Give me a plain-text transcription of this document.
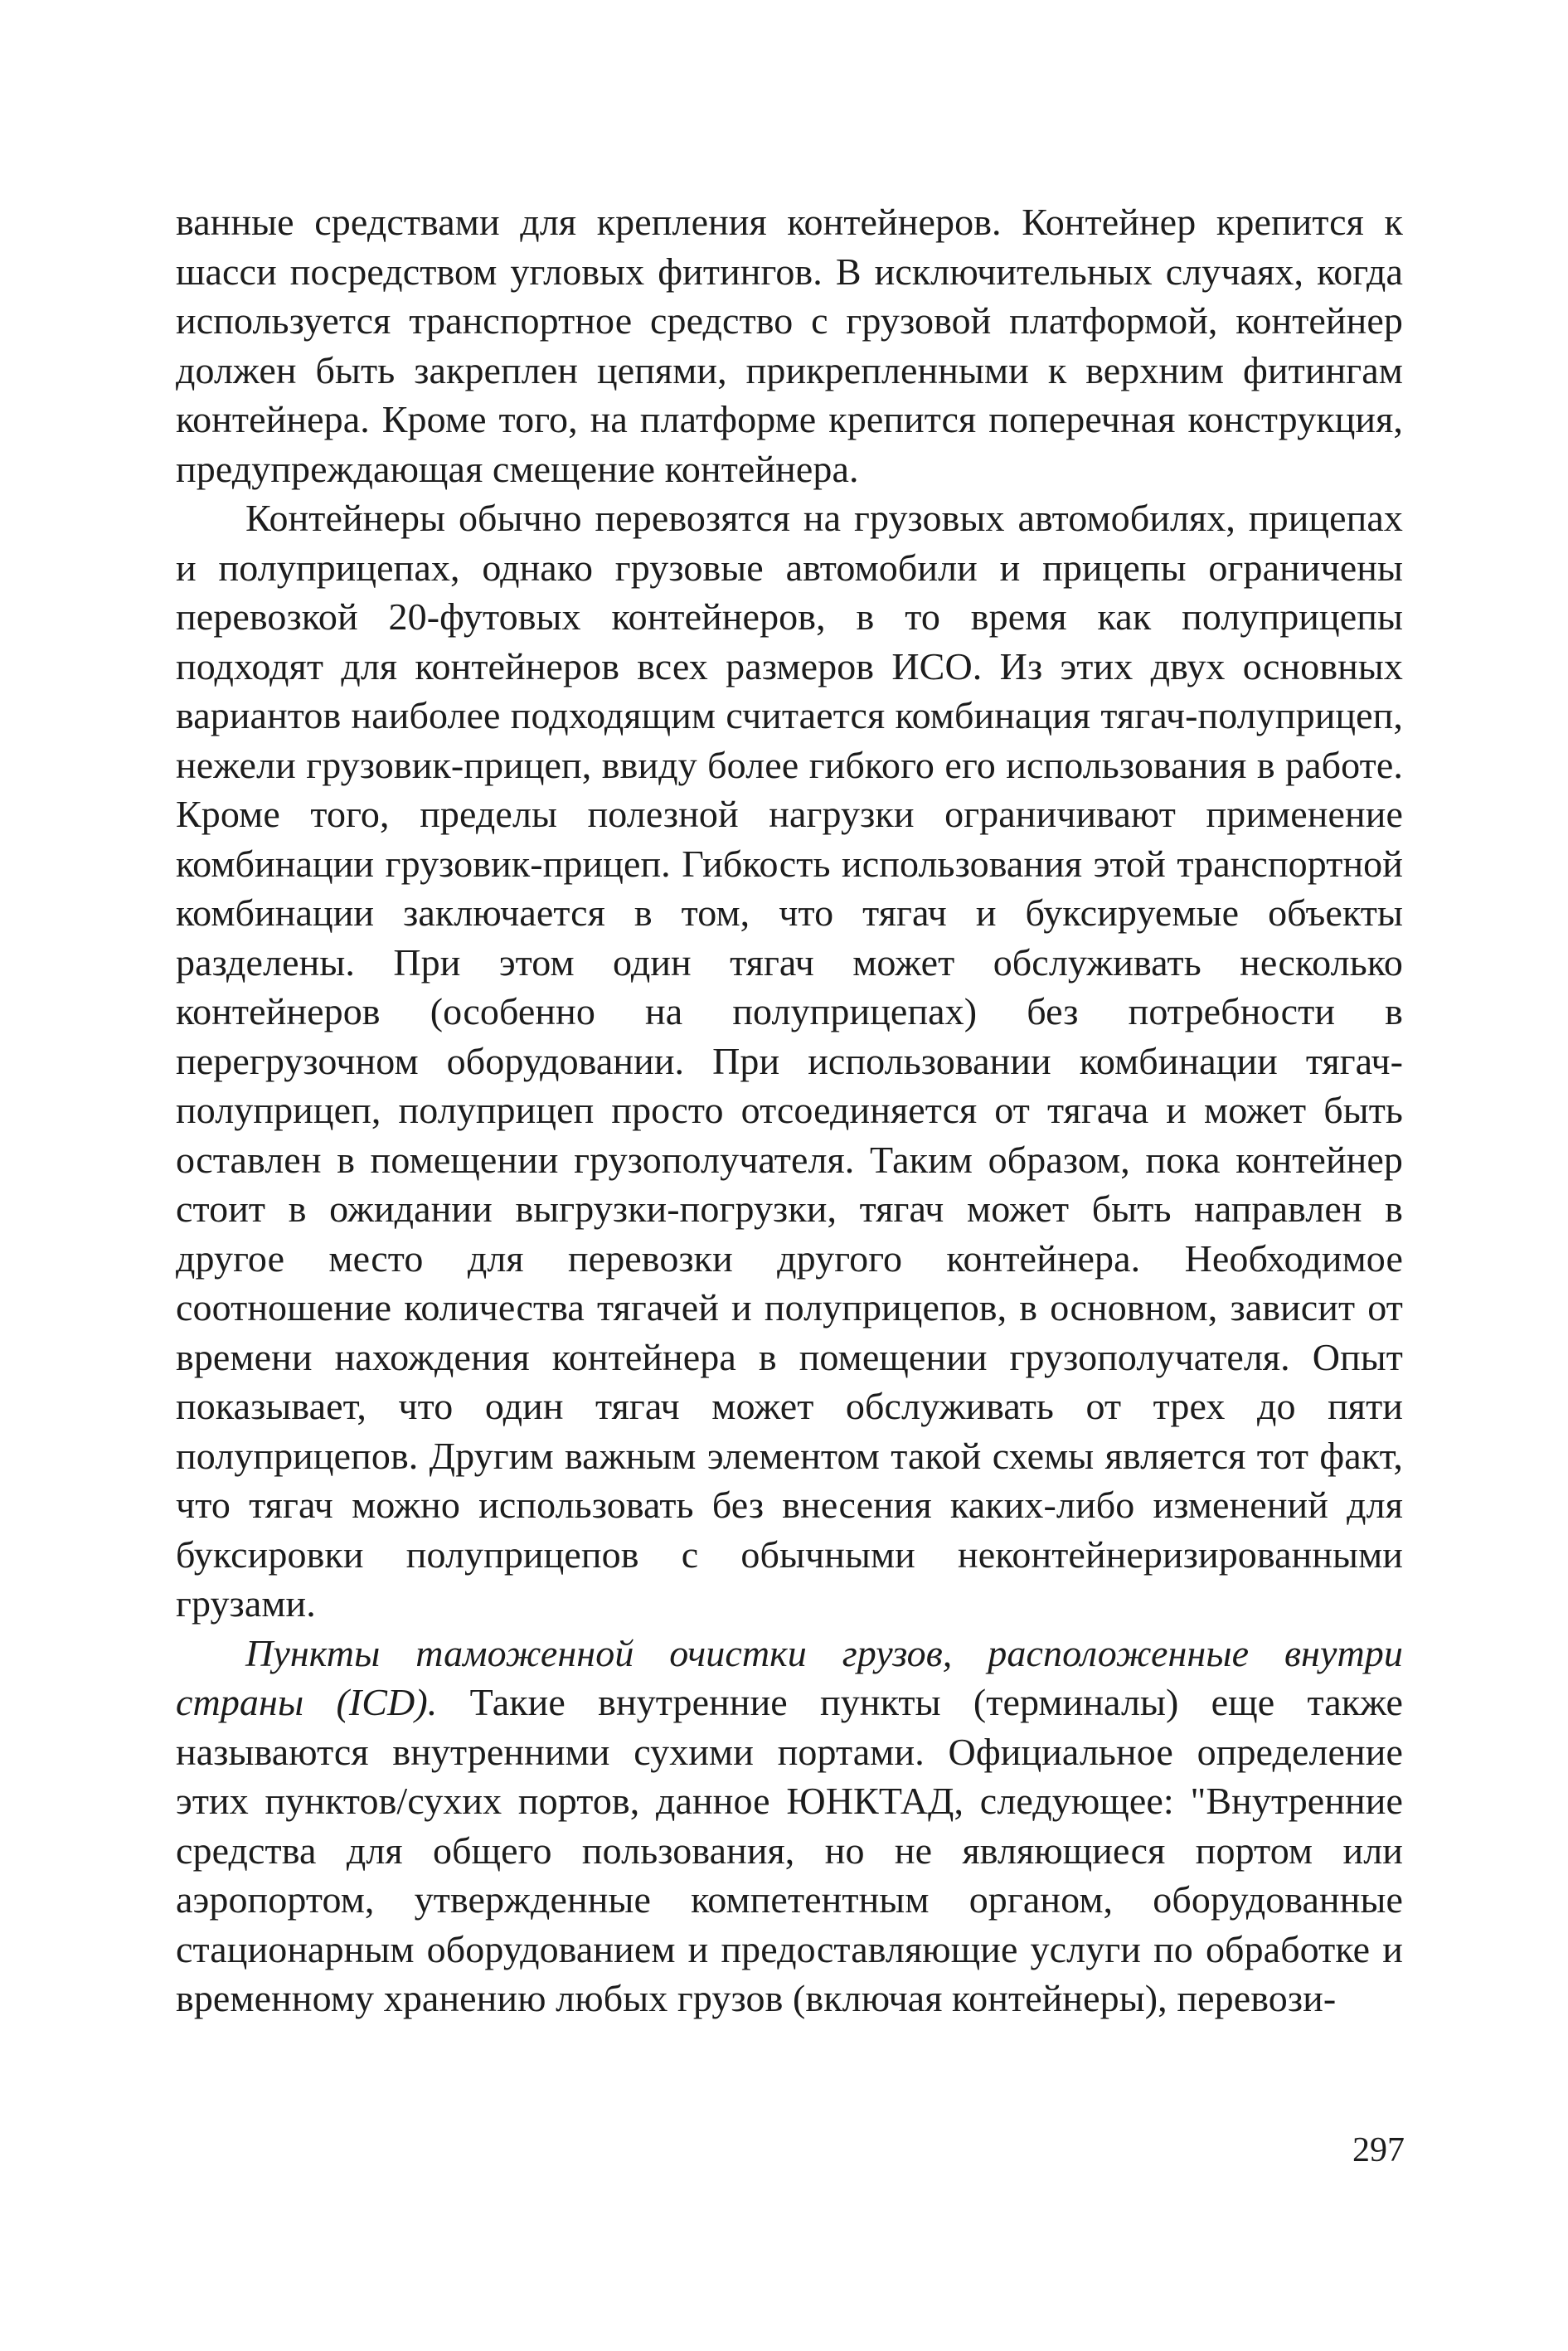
ванные средствами для крепления контейнеров. Контейнер крепится к шасси посредством угловых фитингов. В исключительных случаях, когда используется транспортное средство с грузовой платформой, контейнер должен быть закреплен цепями, прикрепленными к верхним фитингам контейнера. Кроме того, на платформе крепится поперечная конструкция, предупреждающая смещение контейнера.

Контейнеры обычно перевозятся на грузовых автомобилях, прицепах и полуприцепах, однако грузовые автомобили и прицепы ограничены перевозкой 20-футовых контейнеров, в то время как полуприцепы подходят для контейнеров всех размеров ИСО. Из этих двух основных вариантов наиболее подходящим считается комбинация тягач-полуприцеп, нежели грузовик-прицеп, ввиду более гибкого его использования в работе. Кроме того, пределы полезной нагрузки ограничивают применение комбинации грузовик-прицеп. Гибкость использования этой транспортной комбинации заключается в том, что тягач и буксируемые объекты разделены. При этом один тягач может обслуживать несколько контейнеров (особенно на полуприцепах) без потребности в перегрузочном оборудовании. При использовании комбинации тягач-полуприцеп, полуприцеп просто отсоединяется от тягача и может быть оставлен в помещении грузополучателя. Таким образом, пока контейнер стоит в ожидании выгрузки-погрузки, тягач может быть направлен в другое место для перевозки другого контейнера. Необходимое соотношение количества тягачей и полуприцепов, в основном, зависит от времени нахождения контейнера в помещении грузополучателя. Опыт показывает, что один тягач может обслуживать от трех до пяти полуприцепов. Другим важным элементом такой схемы является тот факт, что тягач можно использовать без внесения каких-либо изменений для буксировки полуприцепов с обычными неконтейнеризированными грузами.

Пункты таможенной очистки грузов, расположенные внутри страны (ICD). Такие внутренние пункты (терминалы) еще также называются внутренними сухими портами. Официальное определение этих пунктов/сухих портов, данное ЮНКТАД, следующее: "Внутренние средства для общего пользования, но не являющиеся портом или аэропортом, утвержденные компетентным органом, оборудованные стационарным оборудованием и предоставляющие услуги по обработке и временному хранению любых грузов (включая контейнеры), перевози-

297
